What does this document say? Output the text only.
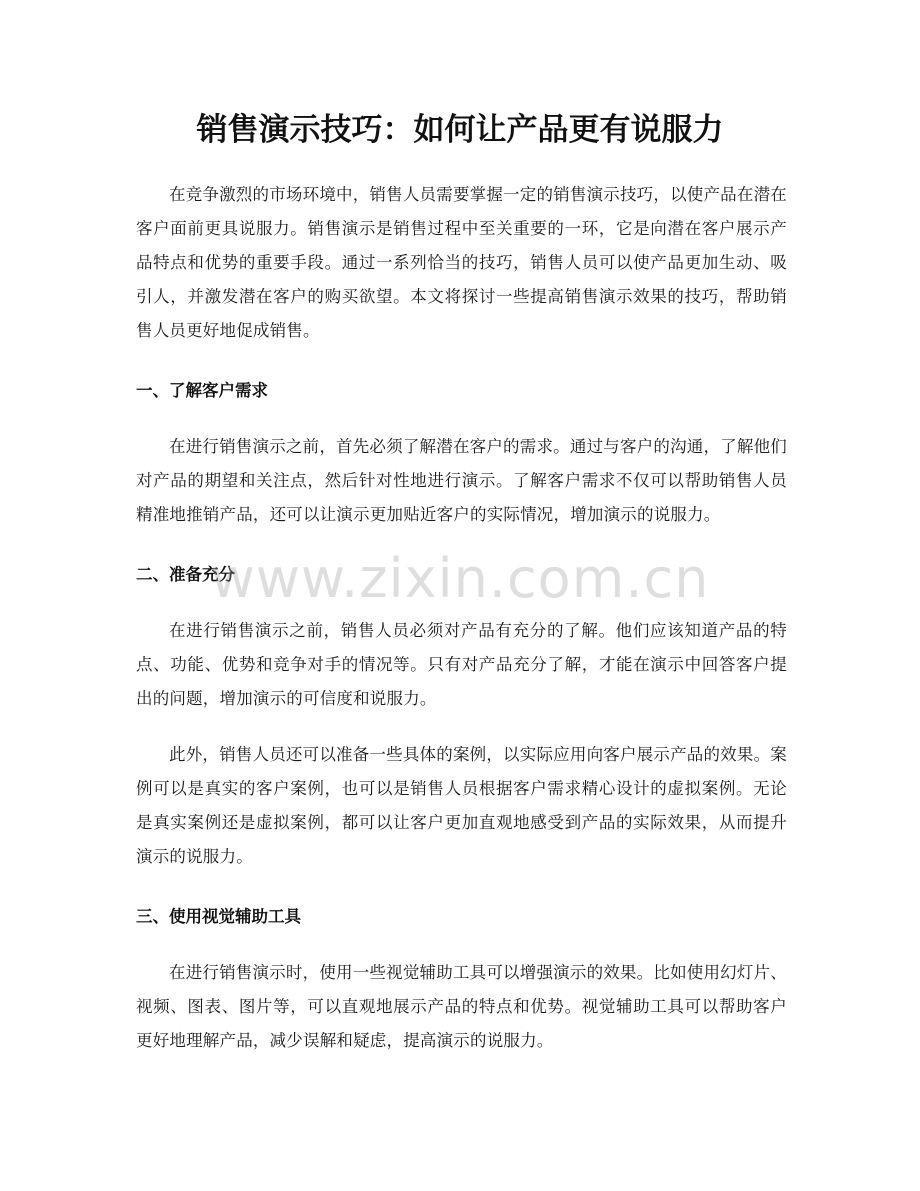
销售演示技巧：如何让产品更有说服力

在竞争激烈的市场环境中，销售人员需要掌握一定的销售演示技巧，以使产品在潜在客户面前更具说服力。销售演示是销售过程中至关重要的一环，它是向潜在客户展示产品特点和优势的重要手段。通过一系列恰当的技巧，销售人员可以使产品更加生动、吸引人，并激发潜在客户的购买欲望。本文将探讨一些提高销售演示效果的技巧，帮助销售人员更好地促成销售。

一、了解客户需求

在进行销售演示之前，首先必须了解潜在客户的需求。通过与客户的沟通，了解他们对产品的期望和关注点，然后针对性地进行演示。了解客户需求不仅可以帮助销售人员精准地推销产品，还可以让演示更加贴近客户的实际情况，增加演示的说服力。

二、准备充分

在进行销售演示之前，销售人员必须对产品有充分的了解。他们应该知道产品的特点、功能、优势和竞争对手的情况等。只有对产品充分了解，才能在演示中回答客户提出的问题，增加演示的可信度和说服力。

此外，销售人员还可以准备一些具体的案例，以实际应用向客户展示产品的效果。案例可以是真实的客户案例，也可以是销售人员根据客户需求精心设计的虚拟案例。无论是真实案例还是虚拟案例，都可以让客户更加直观地感受到产品的实际效果，从而提升演示的说服力。

三、使用视觉辅助工具

在进行销售演示时，使用一些视觉辅助工具可以增强演示的效果。比如使用幻灯片、视频、图表、图片等，可以直观地展示产品的特点和优势。视觉辅助工具可以帮助客户更好地理解产品，减少误解和疑虑，提高演示的说服力。

www.zixin.com.cn
